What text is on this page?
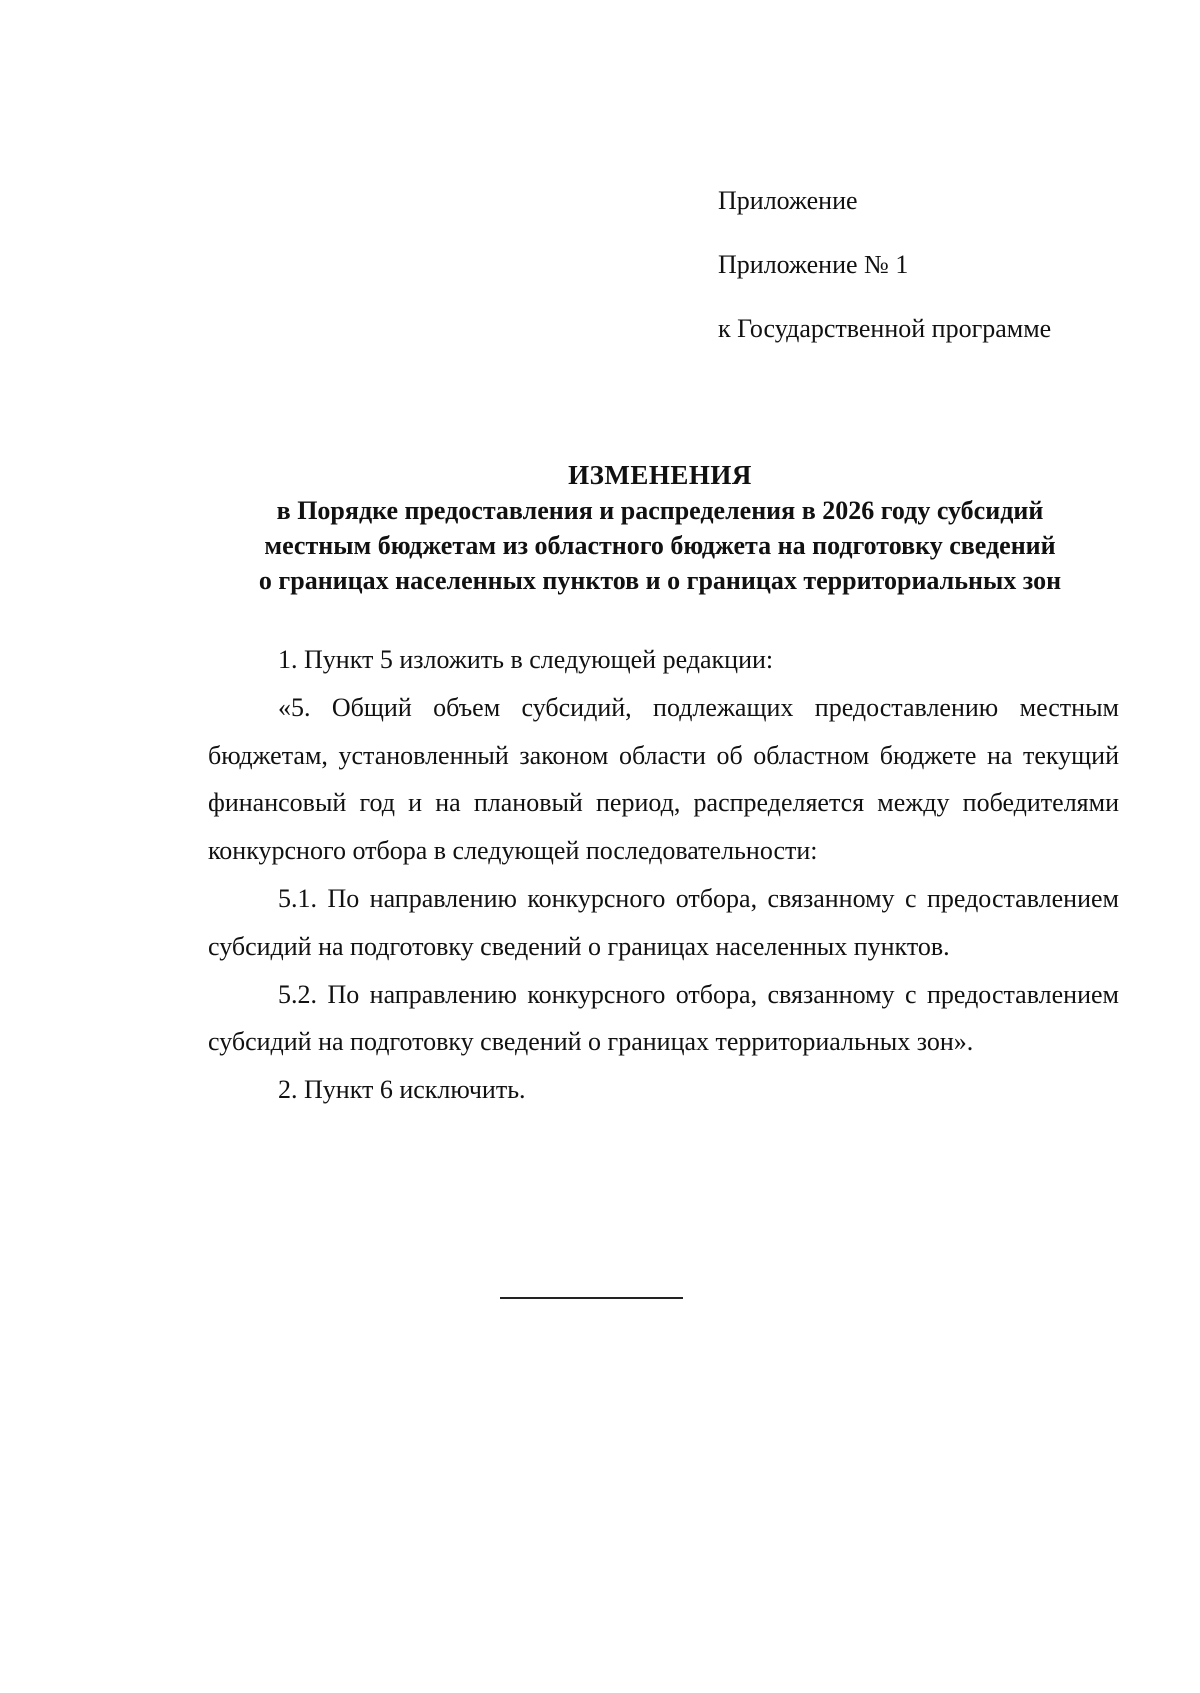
Приложение
Приложение № 1
к Государственной программе
ИЗМЕНЕНИЯ
в Порядке предоставления и распределения в 2026 году субсидий
местным бюджетам из областного бюджета на подготовку сведений
о границах населенных пунктов и о границах территориальных зон

1. Пункт 5 изложить в следующей редакции:

«5. Общий объем субсидий, подлежащих предоставлению местным бюджетам, установленный законом области об областном бюджете на текущий финансовый год и на плановый период, распределяется между победителями конкурсного отбора в следующей последовательности:

5.1. По направлению конкурсного отбора, связанному с предоставлением субсидий на подготовку сведений о границах населенных пунктов.

5.2. По направлению конкурсного отбора, связанному с предоставлением субсидий на подготовку сведений о границах территориальных зон».

2. Пункт 6 исключить.
